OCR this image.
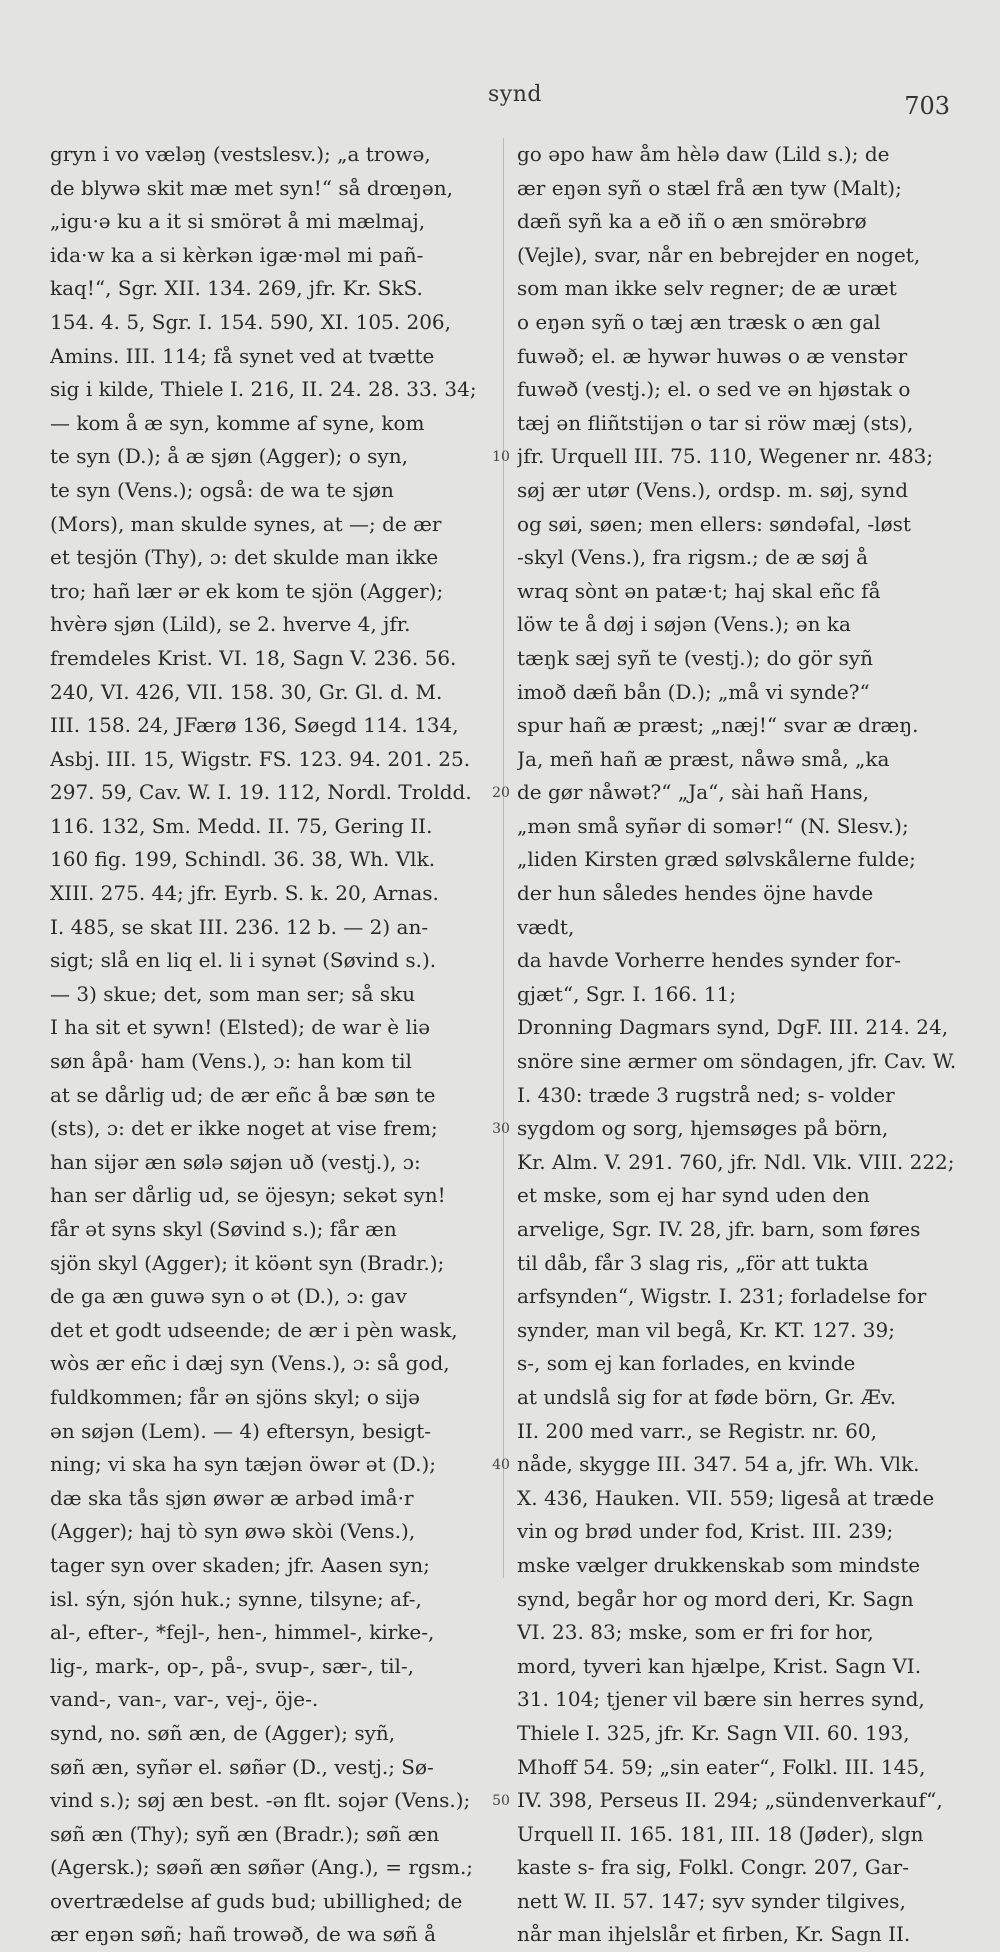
synd	703
gryn i vo væləŋ (vestslesv.); „a trowə,
de blywə skit mæ met syn!“ så drœŋən,
„igu·ə ku a it si smörət å mi mælmaj,
ida·w ka a si kèrkən igæ·məl mi pañ-
kaq!“, Sgr. XII. 134. 269, jfr. Kr. SkS.
154. 4. 5, Sgr. I. 154. 590, XI. 105. 206,
Amins. III. 114; få synet ved at tvætte
sig i kilde, Thiele I. 216, II. 24. 28. 33. 34;
— kom å æ syn, komme af syne, kom
te syn (D.); å æ sjøn (Agger); o syn,
te syn (Vens.); også: de wa te sjøn
(Mors), man skulde synes, at —; de ær
et tesjön (Thy), ɔ: det skulde man ikke
tro; hañ lær ər ek kom te sjön (Agger);
hvèrə sjøn (Lild), se 2. hverve 4, jfr.
fremdeles Krist. VI. 18, Sagn V. 236. 56.
240, VI. 426, VII. 158. 30, Gr. Gl. d. M.
III. 158. 24, JFærø 136, Søegd 114. 134,
Asbj. III. 15, Wigstr. FS. 123. 94. 201. 25.
297. 59, Cav. W. I. 19. 112, Nordl. Troldd.
116. 132, Sm. Medd. II. 75, Gering II.
160 fig. 199, Schindl. 36. 38, Wh. Vlk.
XIII. 275. 44; jfr. Eyrb. S. k. 20, Arnas.
I. 485, se skat III. 236. 12 b. — 2) an-
sigt; slå en liq el. li i synət (Søvind s.).
— 3) skue; det, som man ser; så sku
I ha sit et sywn! (Elsted); de war è liə
søn åpå· ham (Vens.), ɔ: han kom til
at se dårlig ud; de ær eñc å bæ søn te
(sts), ɔ: det er ikke noget at vise frem;
han sijər æn sølə søjən uð (vestj.), ɔ:
han ser dårlig ud, se öjesyn; sekət syn!
får ət syns skyl (Søvind s.); får æn
sjön skyl (Agger); it köənt syn (Bradr.);
de ga æn guwə syn o ət (D.), ɔ: gav
det et godt udseende; de ær i pèn wask,
wòs ær eñc i dæj syn (Vens.), ɔ: så god,
fuldkommen; får ən sjöns skyl; o sijə
ən søjən (Lem). — 4) eftersyn, besigt-
ning; vi ska ha syn tæjən öwər ət (D.);
dæ ska tås sjøn øwər æ arbəd imå·r
(Agger); haj tò syn øwə skòi (Vens.),
tager syn over skaden; jfr. Aasen syn;
isl. sýn, sjón huk.; synne, tilsyne; af-,
al-, efter-, *fejl-, hen-, himmel-, kirke-,
lig-, mark-, op-, på-, svup-, sær-, til-,
vand-, van-, var-, vej-, öje-.
synd, no. søñ æn, de (Agger); syñ,
søñ æn, syñər el. søñər (D., vestj.; Sø-
vind s.); søj æn best. -ən flt. sojər (Vens.);
søñ æn (Thy); syñ æn (Bradr.); søñ æn
(Agersk.); søəñ æn søñər (Ang.), = rgsm.;
overtrædelse af guds bud; ubillighed; de
ær eŋən søñ; hañ trowəð, de wa søñ å
go əpo haw åm hèlə daw (Lild s.); de
ær eŋən syñ o stæl frå æn tyw (Malt);
dæñ syñ ka a eð iñ o æn smörəbrø
(Vejle), svar, når en bebrejder en noget,
som man ikke selv regner; de æ uræt
o eŋən syñ o tæj æn træsk o æn gal
fuwəð; el. æ hywər huwəs o æ venstər
fuwəð (vestj.); el. o sed ve ən hjøstak o
tæj ən fliñtstijən o tar si röw mæj (sts),
jfr. Urquell III. 75. 110, Wegener nr. 483;
søj ær utør (Vens.), ordsp. m. søj, synd
og søi, søen; men ellers: søndəfal, -løst
-skyl (Vens.), fra rigsm.; de æ søj å
wraq sònt ən patæ·t; haj skal eñc få
löw te å døj i søjən (Vens.); ən ka
tæŋk sæj syñ te (vestj.); do gör syñ
imoð dæñ bån (D.); „må vi synde?“
spur hañ æ præst; „næj!“ svar æ dræŋ.
Ja, meñ hañ æ præst, nåwə små, „ka
de gør nåwət?“ „Ja“, sài hañ Hans,
„mən små syñər di somər!“ (N. Slesv.);
„liden Kirsten græd sølvskålerne fulde;
der hun således hendes öjne havde
vædt,
da havde Vorherre hendes synder for-
gjæt“, Sgr. I. 166. 11;
Dronning Dagmars synd, DgF. III. 214. 24,
snöre sine ærmer om söndagen, jfr. Cav. W.
I. 430: træde 3 rugstrå ned; s- volder
sygdom og sorg, hjemsøges på börn,
Kr. Alm. V. 291. 760, jfr. Ndl. Vlk. VIII. 222;
et mske, som ej har synd uden den
arvelige, Sgr. IV. 28, jfr. barn, som føres
til dåb, får 3 slag ris, „för att tukta
arfsynden“, Wigstr. I. 231; forladelse for
synder, man vil begå, Kr. KT. 127. 39;
s-, som ej kan forlades, en kvinde
at undslå sig for at føde börn, Gr. Æv.
II. 200 med varr., se Registr. nr. 60,
nåde, skygge III. 347. 54 a, jfr. Wh. Vlk.
X. 436, Hauken. VII. 559; ligeså at træde
vin og brød under fod, Krist. III. 239;
mske vælger drukkenskab som mindste
synd, begår hor og mord deri, Kr. Sagn
VI. 23. 83; mske, som er fri for hor,
mord, tyveri kan hjælpe, Krist. Sagn VI.
31. 104; tjener vil bære sin herres synd,
Thiele I. 325, jfr. Kr. Sagn VII. 60. 193,
Mhoff 54. 59; „sin eater“, Folkl. III. 145,
IV. 398, Perseus II. 294; „sündenverkauf“,
Urquell II. 165. 181, III. 18 (Jøder), slgn
kaste s- fra sig, Folkl. Congr. 207, Gar-
nett W. II. 57. 147; syv synder tilgives,
når man ihjelslår et firben, Kr. Sagn II.
10
20
30
40
50
